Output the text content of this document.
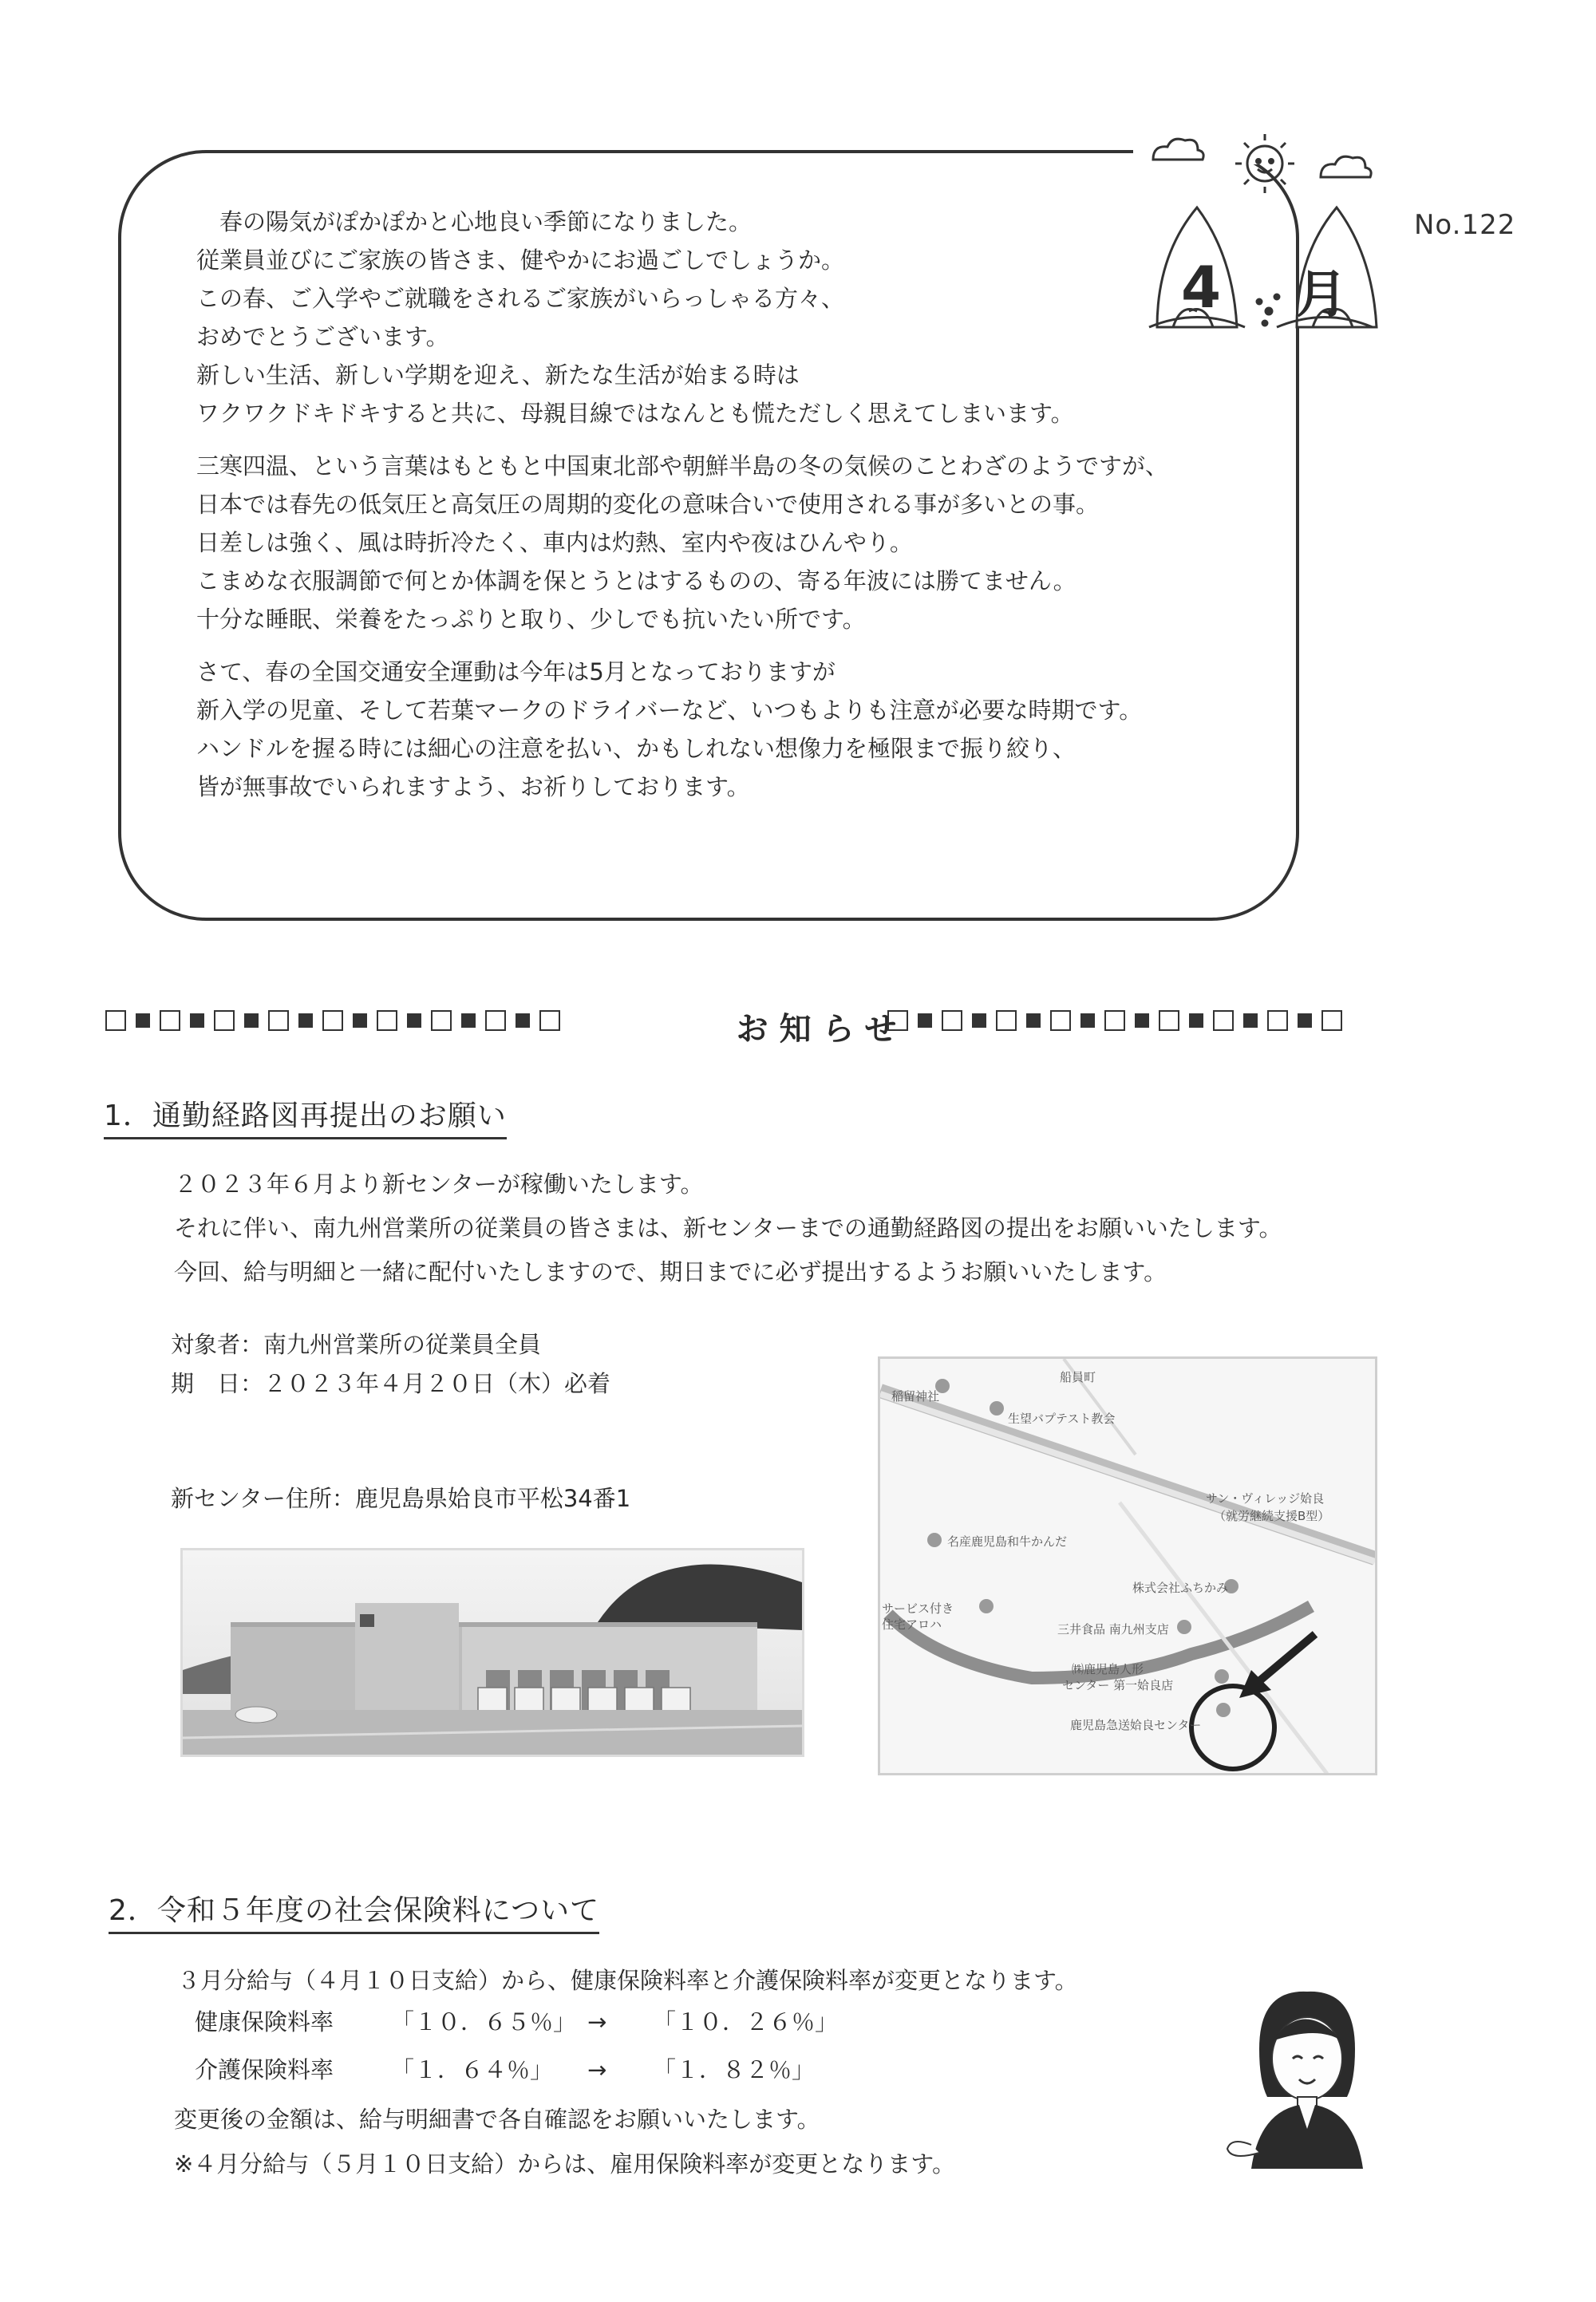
　春の陽気がぽかぽかと心地良い季節になりました。
従業員並びにご家族の皆さま、健やかにお過ごしでしょうか。
この春、ご入学やご就職をされるご家族がいらっしゃる方々、
おめでとうございます。
新しい生活、新しい学期を迎え、新たな生活が始まる時は
ワクワクドキドキすると共に、母親目線ではなんとも慌ただしく思えてしまいます。

三寒四温、という言葉はもともと中国東北部や朝鮮半島の冬の気候のことわざのようですが、
日本では春先の低気圧と高気圧の周期的変化の意味合いで使用される事が多いとの事。
日差しは強く、風は時折冷たく、車内は灼熱、室内や夜はひんやり。
こまめな衣服調節で何とか体調を保とうとはするものの、寄る年波には勝てません。
十分な睡眠、栄養をたっぷりと取り、少しでも抗いたい所です。

さて、春の全国交通安全運動は今年は5月となっておりますが
新入学の児童、そして若葉マークのドライバーなど、いつもよりも注意が必要な時期です。
ハンドルを握る時には細心の注意を払い、かもしれない想像力を極限まで振り絞り、
皆が無事故でいられますよう、お祈りしております。

4 月
No.122
お知らせ
1．通勤経路図再提出のお願い
２０２３年６月より新センターが稼働いたします。
それに伴い、南九州営業所の従業員の皆さまは、新センターまでの通勤経路図の提出をお願いいたします。
今回、給与明細と一緒に配付いたしますので、期日までに必ず提出するようお願いいたします。
対象者：南九州営業所の従業員全員
期　日：２０２３年４月２０日（木）必着
新センター住所：鹿児島県姶良市平松34番1
船員町
稲留神社
生望バプテスト教会
サン・ヴィレッジ姶良
（就労継続支援B型）
名産鹿児島和牛かんだ
株式会社ふちかみ
サービス付き
住宅アロハ	三井食品 南九州支店
㈱鹿児島人形
センター 第一姶良店
鹿児島急送姶良センター
2．令和５年度の社会保険料について
３月分給与（４月１０日支給）から、健康保険料率と介護保険料率が変更となります。
健康保険料率 「１０．６５％」 → 「１０．２６％」
介護保険料率 「１．６４％」 → 「１．８２％」
変更後の金額は、給与明細書で各自確認をお願いいたします。
※４月分給与（５月１０日支給）からは、雇用保険料率が変更となります。
